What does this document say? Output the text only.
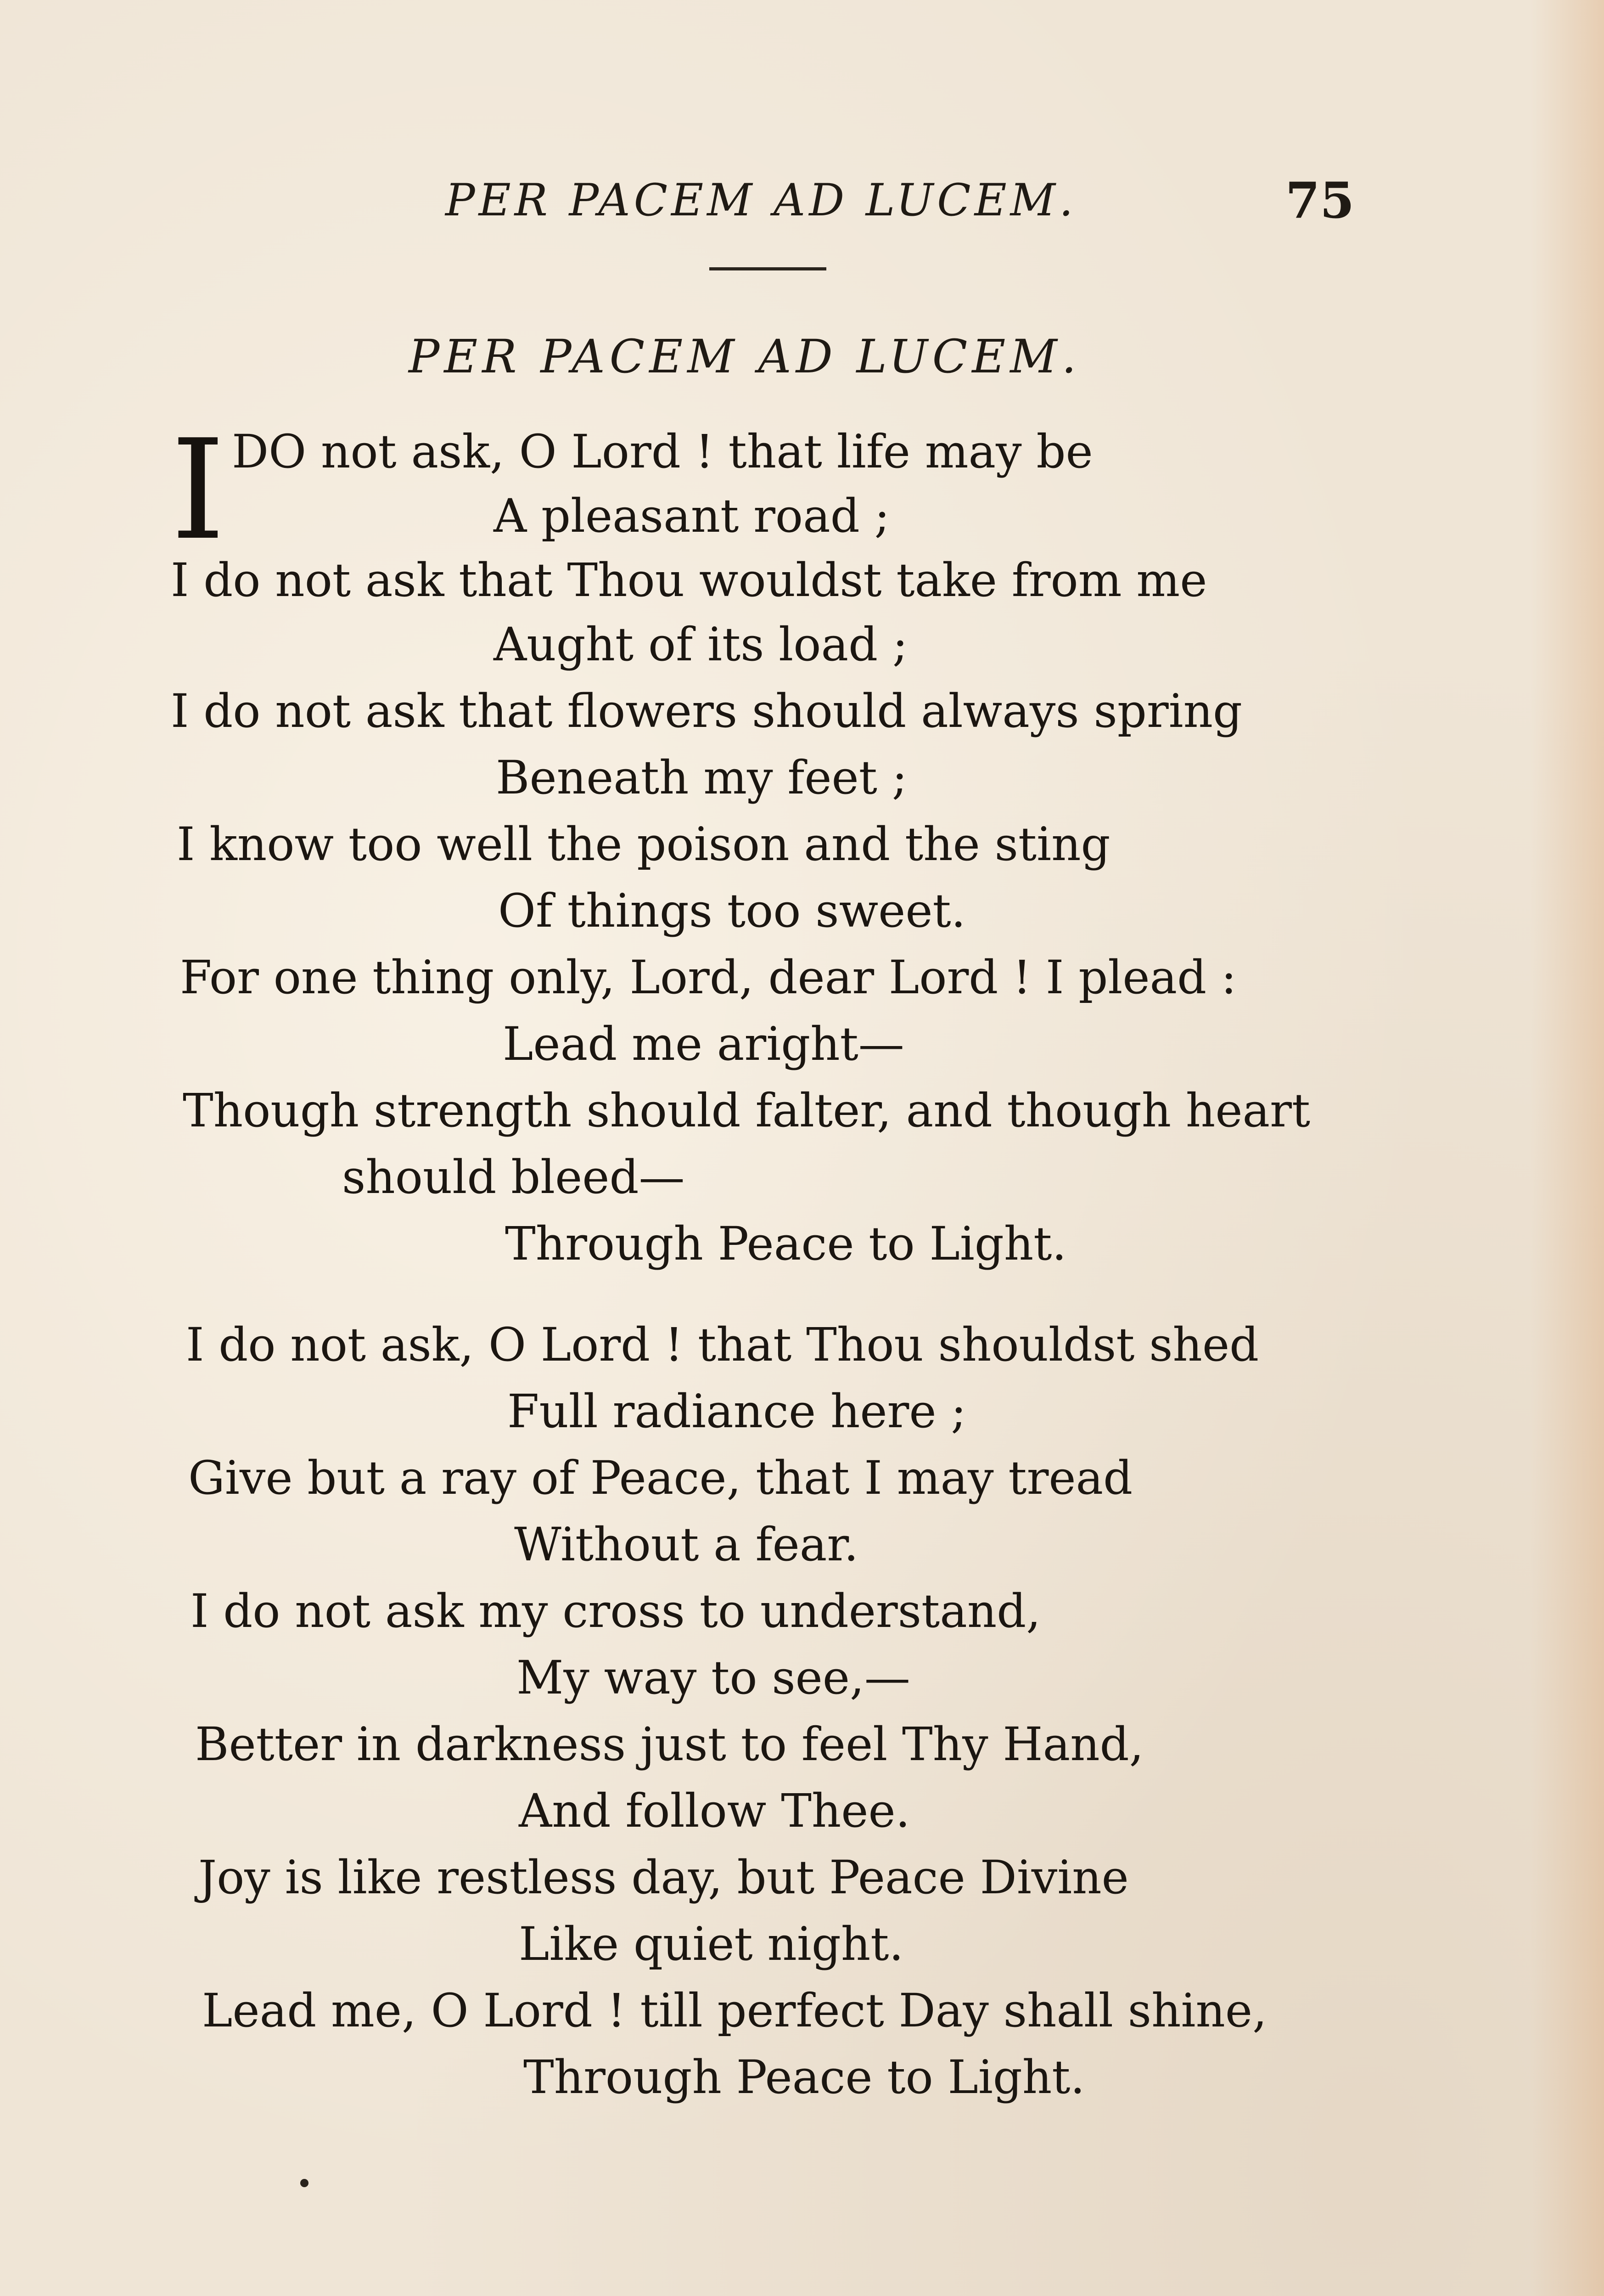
PER PACEM AD LUCEM.	75
PER PACEM AD LUCEM.
I DO not ask, O Lord ! that life may be
A pleasant road ;
I do not ask that Thou wouldst take from me
Aught of its load ;
I do not ask that flowers should always spring
Beneath my feet ;
I know too well the poison and the sting
Of things too sweet.
For one thing only, Lord, dear Lord ! I plead :
Lead me aright—
Though strength should falter, and though heart
should bleed—
Through Peace to Light.
I do not ask, O Lord ! that Thou shouldst shed
Full radiance here ;
Give but a ray of Peace, that I may tread
Without a fear.
I do not ask my cross to understand,
My way to see,—
Better in darkness just to feel Thy Hand,
And follow Thee.
Joy is like restless day, but Peace Divine
Like quiet night.
Lead me, O Lord ! till perfect Day shall shine,
Through Peace to Light.
